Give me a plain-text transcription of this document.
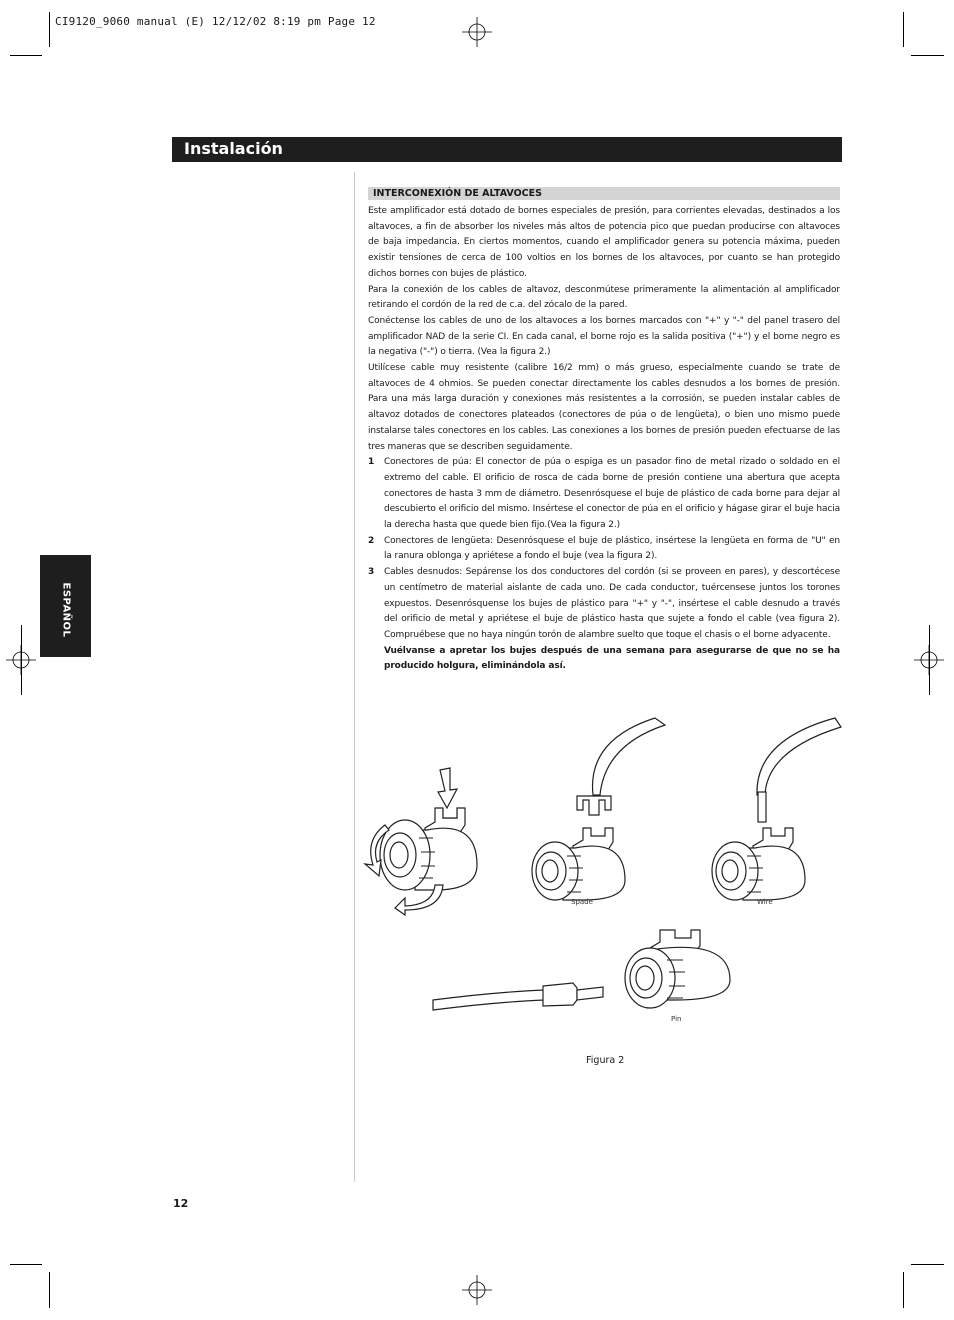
CI9120_9060 manual (E) 12/12/02 8:19 pm Page 12
Instalación
ESPAÑOL
INTERCONEXIÓN DE ALTAVOCES

Este amplificador está dotado de bornes especiales de presión, para corrientes elevadas, destinados a los altavoces, a fin de absorber los niveles más altos de potencia pico que puedan producirse con altavoces de baja impedancia. En ciertos momentos, cuando el amplificador genera su potencia máxima, pueden existir tensiones de cerca de 100 voltios en los bornes de los altavoces, por cuanto se han protegido dichos bornes con bujes de plástico.

Para la conexión de los cables de altavoz, desconmútese primeramente la alimentación al amplificador retirando el cordón de la red de c.a. del zócalo de la pared.

Conéctense los cables de uno de los altavoces a los bornes marcados con "+" y "-" del panel trasero del amplificador NAD de la serie CI. En cada canal, el borne rojo es la salida positiva ("+") y el borne negro es la negativa ("-") o tierra. (Vea la figura 2.)

Utilícese cable muy resistente (calibre 16/2 mm) o más grueso, especialmente cuando se trate de altavoces de 4 ohmios. Se pueden conectar directamente los cables desnudos a los bornes de presión. Para una más larga duración y conexiones más resistentes a la corrosión, se pueden instalar cables de altavoz dotados de conectores plateados (conectores de púa o de lengüeta), o bien uno mismo puede instalarse tales conectores en los cables. Las conexiones a los bornes de presión pueden efectuarse de las tres maneras que se describen seguidamente.

1 Conectores de púa: El conector de púa o espiga es un pasador fino de metal rizado o soldado en el extremo del cable. El orificio de rosca de cada borne de presión contiene una abertura que acepta conectores de hasta 3 mm de diámetro. Desenrósquese el buje de plástico de cada borne para dejar al descubierto el orificio del mismo. Insértese el conector de púa en el orificio y hágase girar el buje hacia la derecha hasta que quede bien fijo.(Vea la figura 2.)
2 Conectores de lengüeta: Desenrósquese el buje de plástico, insértese la lengüeta en forma de "U" en la ranura oblonga y apriétese a fondo el buje (vea la figura 2).
3 Cables desnudos: Sepárense los dos conductores del cordón (si se proveen en pares), y descortécese un centímetro de material aislante de cada uno. De cada conductor, tuércensese juntos los torones expuestos. Desenrósquense los bujes de plástico para "+" y "-", insértese el cable desnudo a través del orificio de metal y apriétese el buje de plástico hasta que sujete a fondo el cable (vea figura 2). Compruébese que no haya ningún torón de alambre suelto que toque el chasis o el borne adyacente.
Vuélvanse a apretar los bujes después de una semana para asegurarse de que no se ha producido holgura, eliminándola así.
Spade	Wire
Pin
Figura 2
12
